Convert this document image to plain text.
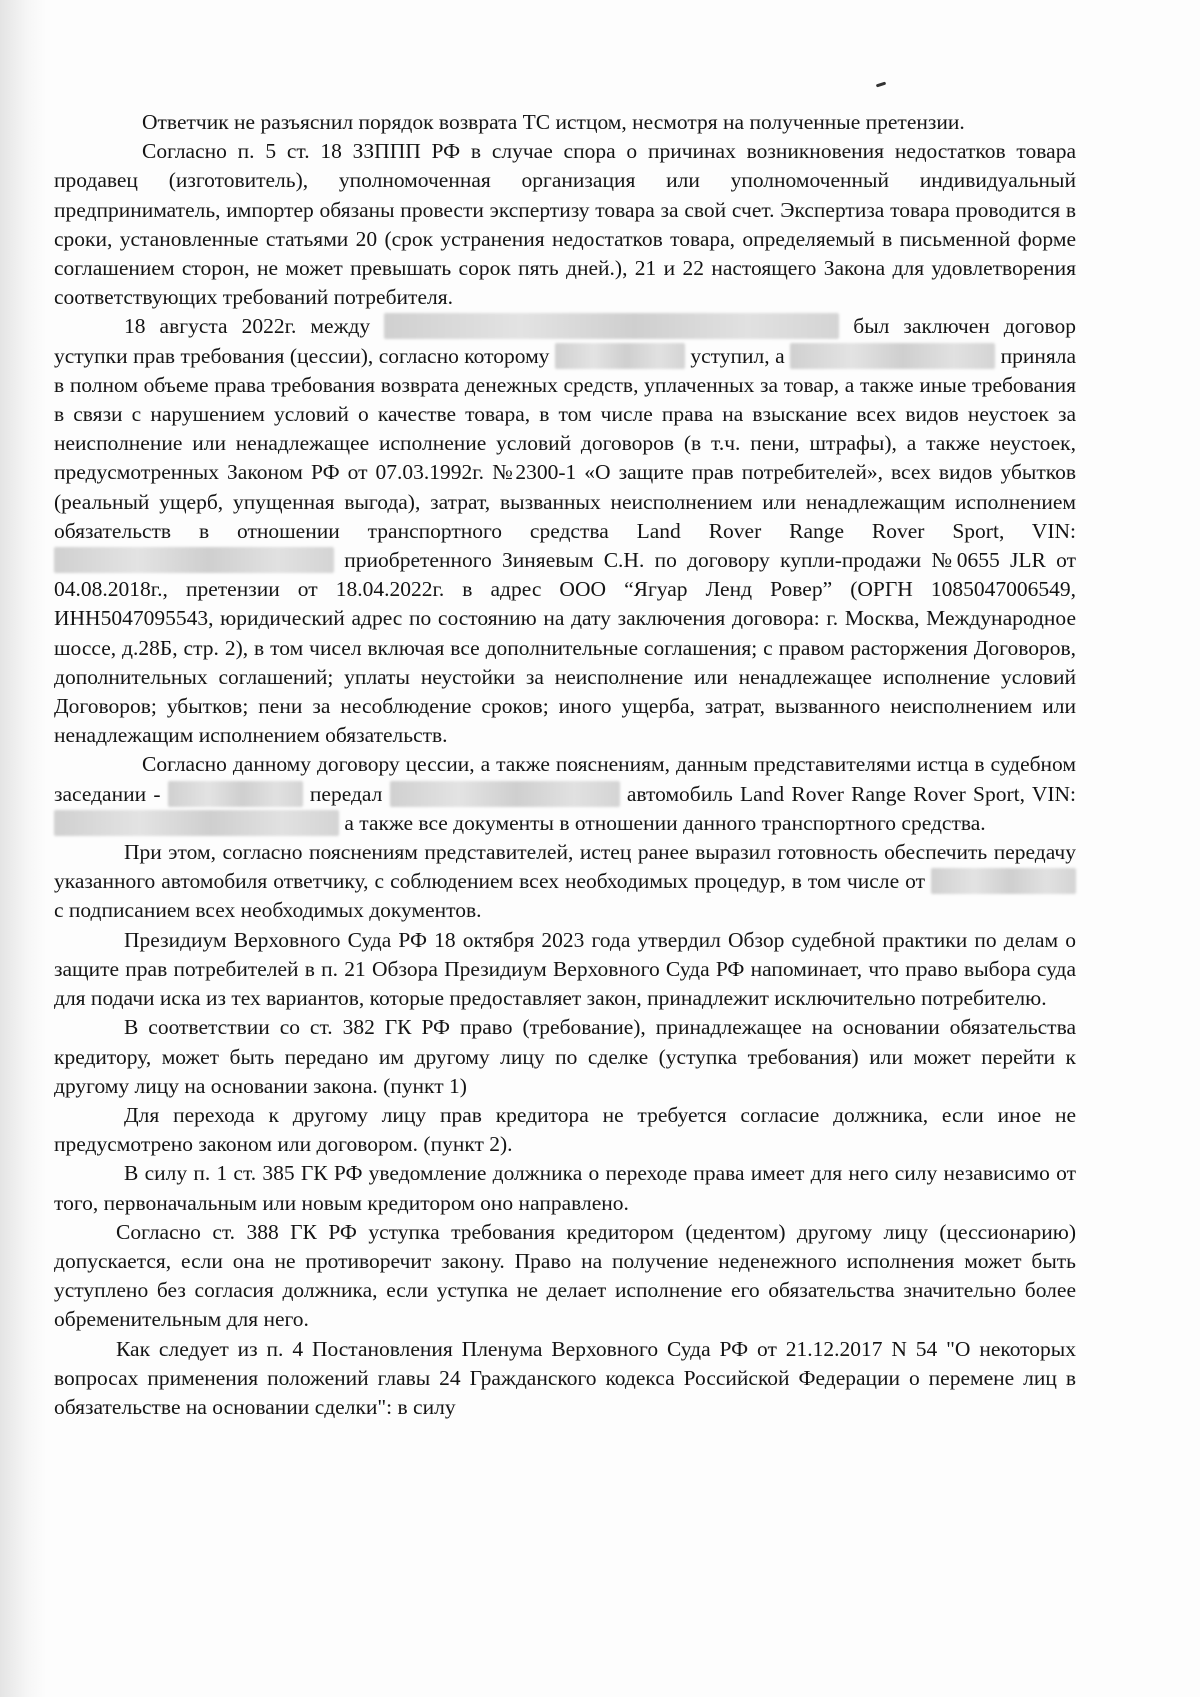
Ответчик не разъяснил порядок возврата ТС истцом, несмотря на полученные претензии.

Согласно п. 5 ст. 18 ЗЗППП РФ в случае спора о причинах возникновения недостатков товара продавец (изготовитель), уполномоченная организация или уполномоченный индивидуальный предприниматель, импортер обязаны провести экспертизу товара за свой счет. Экспертиза товара проводится в сроки, установленные статьями 20 (срок устранения недостатков товара, определяемый в письменной форме соглашением сторон, не может превышать сорок пять дней.), 21 и 22 настоящего Закона для удовлетворения соответствующих требований потребителя.

18 августа 2022г. между	был заключен договор уступки прав требования (цессии), согласно которому	уступил, а	приняла в полном объеме права требования возврата денежных средств, уплаченных за товар, а также иные требования в связи с нарушением условий о качестве товара, в том числе права на взыскание всех видов неустоек за неисполнение или ненадлежащее исполнение условий договоров (в т.ч. пени, штрафы), а также неустоек, предусмотренных Законом РФ от 07.03.1992г. №2300-1 «О защите прав потребителей», всех видов убытков (реальный ущерб, упущенная выгода), затрат, вызванных неисполнением или ненадлежащим исполнением обязательств в отношении транспортного средства Land Rover Range Rover Sport, VIN:  приобретенного Зиняевым С.Н. по договору купли-продажи №0655 JLR от 04.08.2018г., претензии от 18.04.2022г. в адрес ООО “Ягуар Ленд Ровер” (ОРГН 1085047006549, ИНН5047095543, юридический адрес по состоянию на дату заключения договора: г. Москва, Международное шоссе, д.28Б, стр. 2), в том чисел включая все дополнительные соглашения; с правом расторжения Договоров, дополнительных соглашений; уплаты неустойки за неисполнение или ненадлежащее исполнение условий Договоров; убытков; пени за несоблюдение сроков; иного ущерба, затрат, вызванного неисполнением или ненадлежащим исполнением обязательств.

Согласно данному договору цессии, а также пояснениям, данным представителями истца в судебном заседании -	передал	автомобиль Land Rover Range Rover Sport, VIN:  а также все документы в отношении данного транспортного средства.

При этом, согласно пояснениям представителей, истец ранее выразил готовность обеспечить передачу указанного автомобиля ответчику, с соблюдением всех необходимых процедур, в том числе от  с подписанием всех необходимых документов.

Президиум Верховного Суда РФ 18 октября 2023 года утвердил Обзор судебной практики по делам о защите прав потребителей в п. 21 Обзора Президиум Верховного Суда РФ напоминает, что право выбора суда для подачи иска из тех вариантов, которые предоставляет закон, принадлежит исключительно потребителю.

В соответствии со ст. 382 ГК РФ право (требование), принадлежащее на основании обязательства кредитору, может быть передано им другому лицу по сделке (уступка требования) или может перейти к другому лицу на основании закона. (пункт 1)

Для перехода к другому лицу прав кредитора не требуется согласие должника, если иное не предусмотрено законом или договором. (пункт 2).

В силу п. 1 ст. 385 ГК РФ уведомление должника о переходе права имеет для него силу независимо от того, первоначальным или новым кредитором оно направлено.

Согласно ст. 388 ГК РФ уступка требования кредитором (цедентом) другому лицу (цессионарию) допускается, если она не противоречит закону. Право на получение неденежного исполнения может быть уступлено без согласия должника, если уступка не делает исполнение его обязательства значительно более обременительным для него.

Как следует из п. 4 Постановления Пленума Верховного Суда РФ от 21.12.2017 N 54 "О некоторых вопросах применения положений главы 24 Гражданского кодекса Российской Федерации о перемене лиц в обязательстве на основании сделки": в силу
